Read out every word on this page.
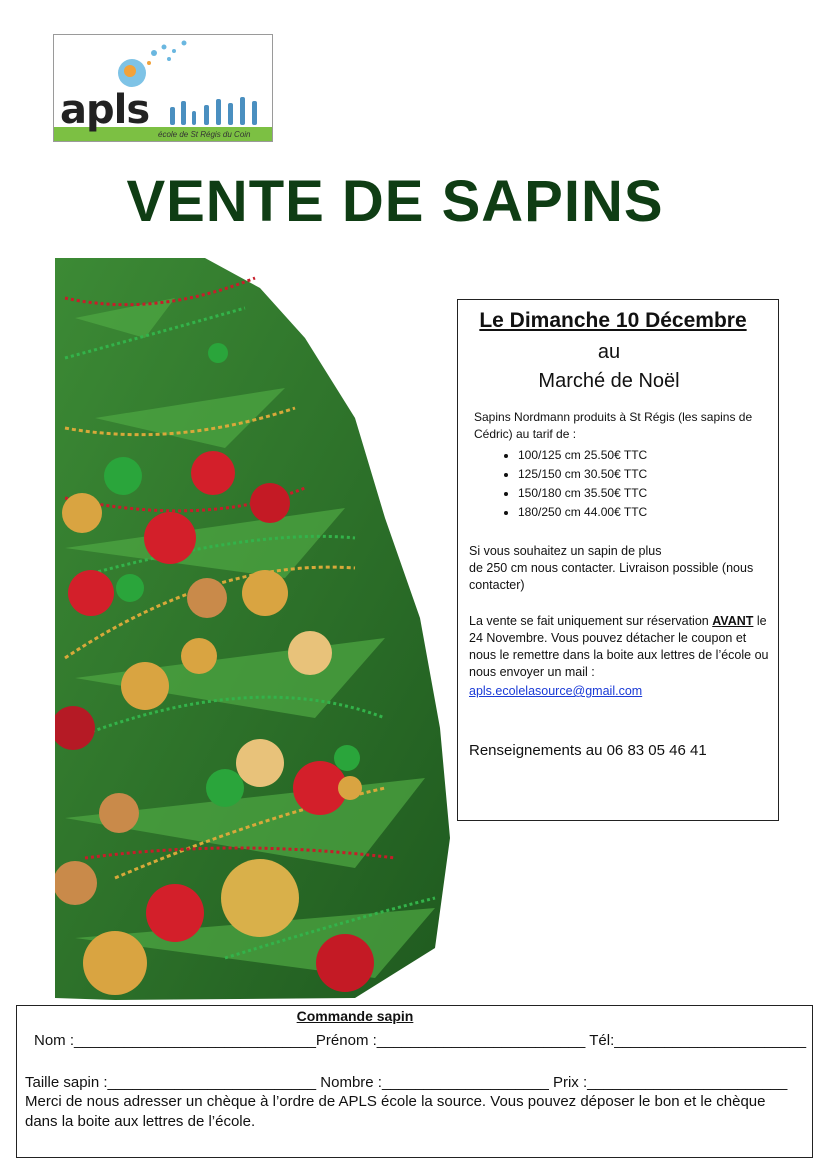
apls
école de St Régis du Coin
VENTE DE SAPINS
Le Dimanche 10 Décembre
au
Marché de Noël
Sapins Nordmann produits à St Régis (les sapins de Cédric) au tarif de :
• 100/125 cm 25.50€ TTC
• 125/150 cm 30.50€ TTC
• 150/180 cm 35.50€ TTC
• 180/250 cm 44.00€ TTC
Si vous souhaitez un sapin de plus
de 250 cm nous contacter. Livraison possible (nous contacter)
La vente se fait uniquement sur réservation AVANT le 24 Novembre. Vous pouvez détacher le coupon et nous le remettre dans la boite aux lettres de l’école ou nous envoyer un mail :
apls.ecolelasource@gmail.com
Renseignements au 06 83 05 46 41
Commande sapin
Nom :_____________________________Prénom :_________________________ Tél:_______________________
Taille sapin :_________________________ Nombre :____________________ Prix :________________________
Merci de nous adresser un chèque à l’ordre de APLS école la source. Vous pouvez déposer le bon et le chèque dans la boite aux lettres de l’école.
